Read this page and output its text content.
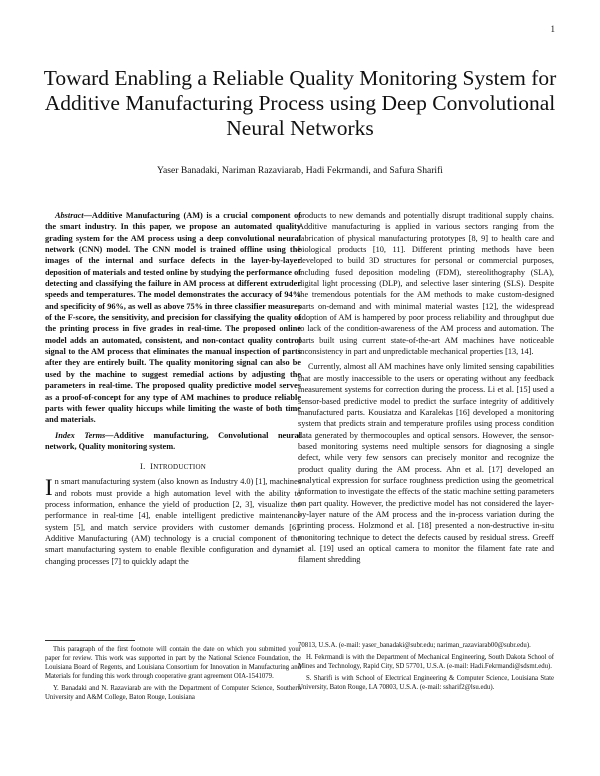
1
Toward Enabling a Reliable Quality Monitoring System for Additive Manufacturing Process using Deep Convolutional Neural Networks

Yaser Banadaki, Nariman Razaviarab, Hadi Fekrmandi, and Safura Sharifi

Abstract—Additive Manufacturing (AM) is a crucial component of the smart industry. In this paper, we propose an automated quality grading system for the AM process using a deep convolutional neural network (CNN) model. The CNN model is trained offline using the images of the internal and surface defects in the layer-by-layer deposition of materials and tested online by studying the performance of detecting and classifying the failure in AM process at different extruder speeds and temperatures. The model demonstrates the accuracy of 94% and specificity of 96%, as well as above 75% in three classifier measures of the F-score, the sensitivity, and precision for classifying the quality of the printing process in five grades in real-time. The proposed online model adds an automated, consistent, and non-contact quality control signal to the AM process that eliminates the manual inspection of parts after they are entirely built. The quality monitoring signal can also be used by the machine to suggest remedial actions by adjusting the parameters in real-time. The proposed quality predictive model serves as a proof-of-concept for any type of AM machines to produce reliable parts with fewer quality hiccups while limiting the waste of both time and materials.

Index Terms—Additive manufacturing, Convolutional neural network, Quality monitoring system.

I. INTRODUCTION

In smart manufacturing system (also known as Industry 4.0) [1], machines and robots must provide a high automation level with the ability to process information, enhance the yield of production [2, 3], visualize the performance in real-time [4], enable intelligent predictive maintenance system [5], and match service providers with customer demands [6]. Additive Manufacturing (AM) technology is a crucial component of the smart manufacturing system to enable flexible configuration and dynamic changing processes [7] to quickly adapt the

products to new demands and potentially disrupt traditional supply chains. Additive manufacturing is applied in various sectors ranging from the fabrication of physical manufacturing prototypes [8, 9] to health care and biological products [10, 11]. Different printing methods have been developed to build 3D structures for personal or commercial purposes, including fused deposition modeling (FDM), stereolithography (SLA), digital light processing (DLP), and selective laser sintering (SLS). Despite the tremendous potentials for the AM methods to make custom-designed parts on-demand and with minimal material wastes [12], the widespread adoption of AM is hampered by poor process reliability and throughput due to lack of the condition-awareness of the AM process and automation. The parts built using current state-of-the-art AM machines have noticeable inconsistency in part and unpredictable mechanical properties [13, 14].

Currently, almost all AM machines have only limited sensing capabilities that are mostly inaccessible to the users or operating without any feedback measurement systems for correction during the process. Li et al. [15] used a sensor-based predictive model to predict the surface integrity of additively manufactured parts. Kousiatza and Karalekas [16] developed a monitoring system that predicts strain and temperature profiles using process condition data generated by thermocouples and optical sensors. However, the sensor-based monitoring systems need multiple sensors for diagnosing a single defect, while very few sensors can precisely monitor and recognize the product quality during the AM process. Ahn et al. [17] developed an analytical expression for surface roughness prediction using the geometrical information to investigate the effects of the static machine setting parameters on part quality. However, the predictive model has not considered the layer-by-layer nature of the AM process and the in-process variation during the printing process. Holzmond et al. [18] presented a non-destructive in-situ monitoring technique to detect the defects caused by residual stress. Greeff et al. [19] used an optical camera to monitor the filament fate rate and filament shredding

This paragraph of the first footnote will contain the date on which you submitted your paper for review. This work was supported in part by the National Science Foundation, the Louisiana Board of Regents, and Louisiana Consortium for Innovation in Manufacturing and Materials for funding this work through cooperative grant agreement OIA-1541079.

Y. Banadaki and N. Razaviarab are with the Department of Computer Science, Southern University and A&M College, Baton Rouge, Louisiana

70813, U.S.A. (e-mail: yaser_banadaki@subr.edu; nariman_razaviarab00@subr.edu).

H. Fekrmandi is with the Department of Mechanical Engineering, South Dakota School of Mines and Technology, Rapid City, SD 57701, U.S.A. (e-mail: Hadi.Fekrmandi@sdsmt.edu).

S. Sharifi is with School of Electrical Engineering & Computer Science, Louisiana State University, Baton Rouge, LA 70803, U.S.A. (e-mail: ssharif2@lsu.edu).
